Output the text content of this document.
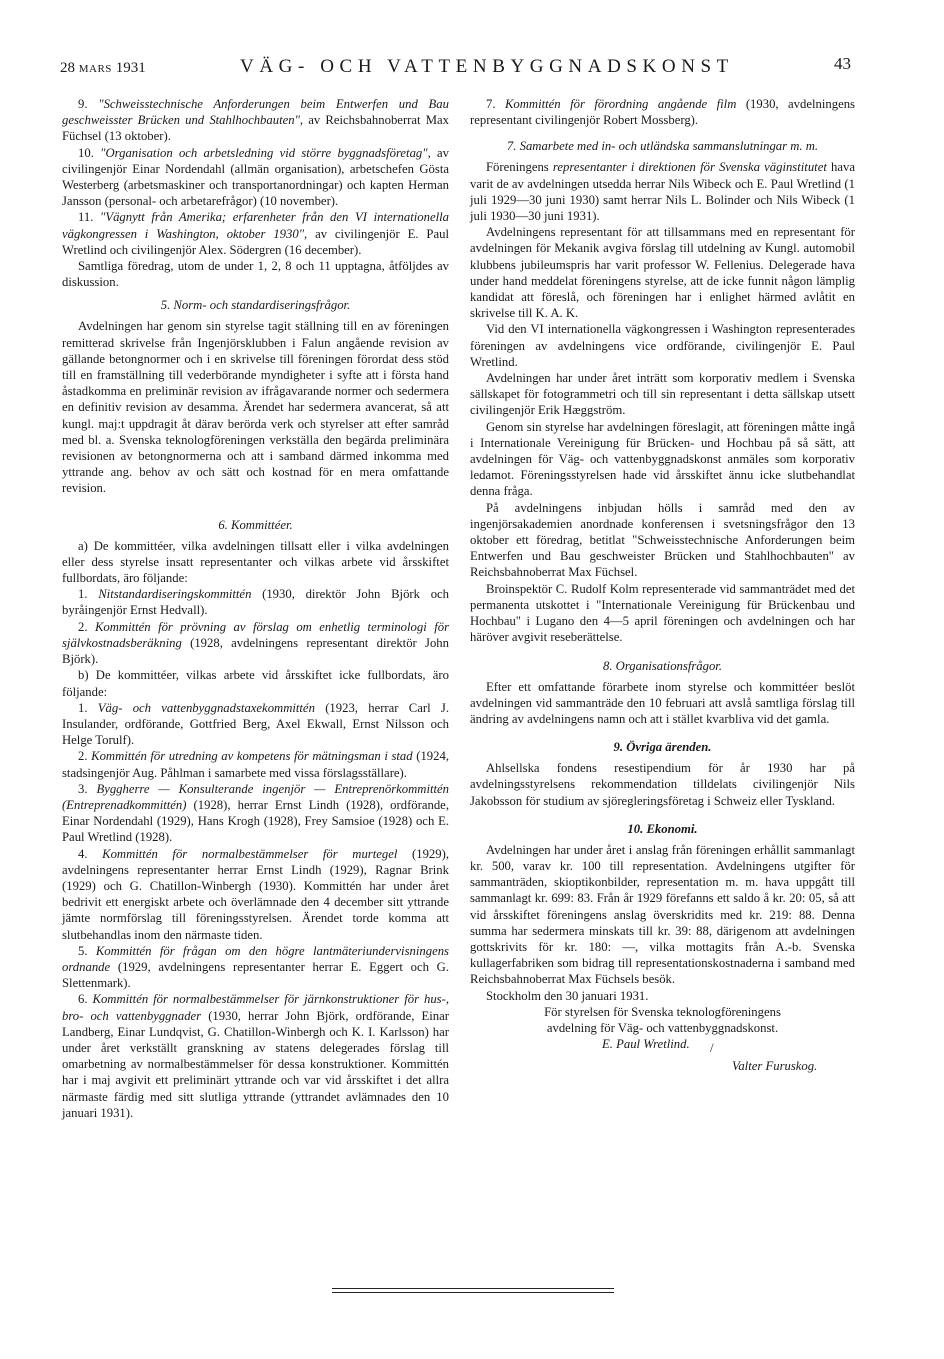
28 MARS 1931	VÄG- OCH VATTENBYGGNADSKONST	43

9. "Schweisstechnische Anforderungen beim Entwerfen und Bau geschweisster Brücken und Stahlhochbauten", av Reichsbahnoberrat Max Füchsel (13 oktober).

10. "Organisation och arbetsledning vid större byggnadsföretag", av civilingenjör Einar Nordendahl (allmän organisation), arbetschefen Gösta Westerberg (arbetsmaskiner och transportanordningar) och kapten Herman Jansson (personal- och arbetarefrågor) (10 november).

11. "Vägnytt från Amerika; erfarenheter från den VI internationella vägkongressen i Washington, oktober 1930", av civilingenjör E. Paul Wretlind och civilingenjör Alex. Södergren (16 december).

Samtliga föredrag, utom de under 1, 2, 8 och 11 upptagna, åtföljdes av diskussion.

5. Norm- och standardiseringsfrågor.

Avdelningen har genom sin styrelse tagit ställning till en av föreningen remitterad skrivelse från Ingenjörsklubben i Falun angående revision av gällande betongnormer och i en skrivelse till föreningen förordat dess stöd till en framställning till vederbörande myndigheter i syfte att i första hand åstadkomma en preliminär revision av ifrågavarande normer och sedermera en definitiv revision av desamma. Ärendet har sedermera avancerat, så att kungl. maj:t uppdragit åt därav berörda verk och styrelser att efter samråd med bl. a. Svenska teknologföreningen verkställa den begärda preliminära revisionen av betongnormerna och att i samband därmed inkomma med yttrande ang. behov av och sätt och kostnad för en mera omfattande revision.

6. Kommittéer.

a) De kommittéer, vilka avdelningen tillsatt eller i vilka avdelningen eller dess styrelse insatt representanter och vilkas arbete vid årsskiftet fullbordats, äro följande:

1. Nitstandardiseringskommittén (1930, direktör John Björk och byråingenjör Ernst Hedvall).

2. Kommittén för prövning av förslag om enhetlig terminologi för självkostnadsberäkning (1928, avdelningens representant direktör John Björk).

b) De kommittéer, vilkas arbete vid årsskiftet icke fullbordats, äro följande:

1. Väg- och vattenbyggnadstaxekommittén (1923, herrar Carl J. Insulander, ordförande, Gottfried Berg, Axel Ekwall, Ernst Nilsson och Helge Torulf).

2. Kommittén för utredning av kompetens för mätningsman i stad (1924, stadsingenjör Aug. Påhlman i samarbete med vissa förslagsställare).

3. Byggherre — Konsulterande ingenjör — Entreprenörkommittén (Entreprenadkommittén) (1928), herrar Ernst Lindh (1928), ordförande, Einar Nordendahl (1929), Hans Krogh (1928), Frey Samsioe (1928) och E. Paul Wretlind (1928).

4. Kommittén för normalbestämmelser för murtegel (1929), avdelningens representanter herrar Ernst Lindh (1929), Ragnar Brink (1929) och G. Chatillon-Winbergh (1930). Kommittén har under året bedrivit ett energiskt arbete och överlämnade den 4 december sitt yttrande jämte normförslag till föreningsstyrelsen. Ärendet torde komma att slutbehandlas inom den närmaste tiden.

5. Kommittén för frågan om den högre lantmäteriundervisningens ordnande (1929, avdelningens representanter herrar E. Eggert och G. Slettenmark).

6. Kommittén för normalbestämmelser för järnkonstruktioner för hus-, bro- och vattenbyggnader (1930, herrar John Björk, ordförande, Einar Landberg, Einar Lundqvist, G. Chatillon-Winbergh och K. I. Karlsson) har under året verkställt granskning av statens delegerades förslag till omarbetning av normalbestämmelser för dessa konstruktioner. Kommittén har i maj avgivit ett preliminärt yttrande och var vid årsskiftet i det allra närmaste färdig med sitt slutliga yttrande (yttrandet avlämnades den 10 januari 1931).

7. Kommittén för förordning angående film (1930, avdelningens representant civilingenjör Robert Mossberg).

7. Samarbete med in- och utländska sammanslutningar m. m.

Föreningens representanter i direktionen för Svenska väginstitutet hava varit de av avdelningen utsedda herrar Nils Wibeck och E. Paul Wretlind (1 juli 1929—30 juni 1930) samt herrar Nils L. Bolinder och Nils Wibeck (1 juli 1930—30 juni 1931).

Avdelningens representant för att tillsammans med en representant för avdelningen för Mekanik avgiva förslag till utdelning av Kungl. automobil klubbens jubileumspris har varit professor W. Fellenius. Delegerade hava under hand meddelat föreningens styrelse, att de icke funnit någon lämplig kandidat att föreslå, och föreningen har i enlighet härmed avlåtit en skrivelse till K. A. K.

Vid den VI internationella vägkongressen i Washington representerades föreningen av avdelningens vice ordförande, civilingenjör E. Paul Wretlind.

Avdelningen har under året inträtt som korporativ medlem i Svenska sällskapet för fotogrammetri och till sin representant i detta sällskap utsett civilingenjör Erik Hæggström.

Genom sin styrelse har avdelningen föreslagit, att föreningen måtte ingå i Internationale Vereinigung für Brücken- und Hochbau på så sätt, att avdelningen för Väg- och vattenbyggnadskonst anmäles som korporativ ledamot. Föreningsstyrelsen hade vid årsskiftet ännu icke slutbehandlat denna fråga.

På avdelningens inbjudan hölls i samråd med den av ingenjörsakademien anordnade konferensen i svetsningsfrågor den 13 oktober ett föredrag, betitlat "Schweisstechnische Anforderungen beim Entwerfen und Bau geschweister Brücken und Stahlhochbauten" av Reichsbahnoberrat Max Füchsel.

Broinspektör C. Rudolf Kolm representerade vid sammanträdet med det permanenta utskottet i "Internationale Vereinigung für Brückenbau und Hochbau" i Lugano den 4—5 april föreningen och avdelningen och har häröver avgivit reseberättelse.

8. Organisationsfrågor.

Efter ett omfattande förarbete inom styrelse och kommittéer beslöt avdelningen vid sammanträde den 10 februari att avslå samtliga förslag till ändring av avdelningens namn och att i stället kvarbliva vid det gamla.

9. Övriga ärenden.

Ahlsellska fondens resestipendium för år 1930 har på avdelningsstyrelsens rekommendation tilldelats civilingenjör Nils Jakobsson för studium av sjöregleringsföretag i Schweiz eller Tyskland.

10. Ekonomi.

Avdelningen har under året i anslag från föreningen erhållit sammanlagt kr. 500, varav kr. 100 till representation. Avdelningens utgifter för sammanträden, skioptikonbilder, representation m. m. hava uppgått till sammanlagt kr. 699: 83. Från år 1929 förefanns ett saldo å kr. 20: 05, så att vid årsskiftet föreningens anslag överskridits med kr. 219: 88. Denna summa har sedermera minskats till kr. 39: 88, därigenom att avdelningen gottskrivits för kr. 180: —, vilka mottagits från A.-b. Svenska kullagerfabriken som bidrag till representationskostnaderna i samband med Reichsbahnoberrat Max Füchsels besök.

Stockholm den 30 januari 1931.

För styrelsen för Svenska teknologföreningens
avdelning för Väg- och vattenbyggnadskonst.
E. Paul Wretlind. /
Valter Furuskog.
